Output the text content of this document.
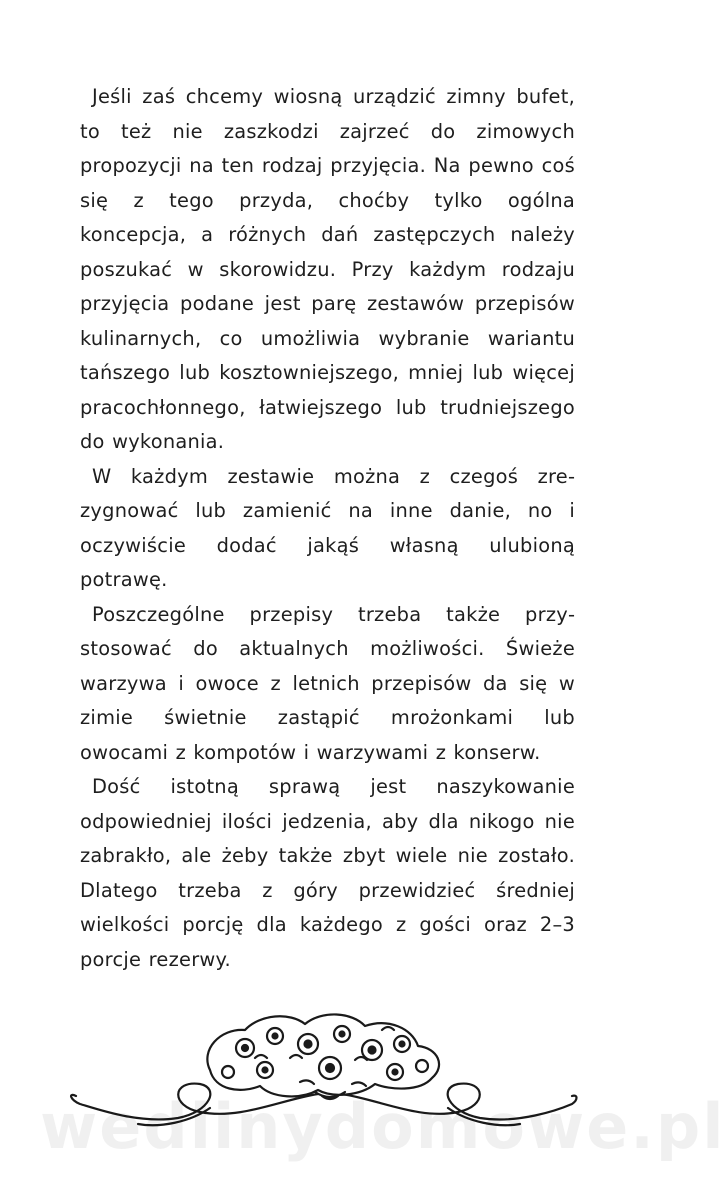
Jeśli zaś chcemy wiosną urządzić zimny bufet, to też nie zaszkodzi zajrzeć do zimowych propozycji na ten rodzaj przyjęcia. Na pewno coś się z tego przyda, choćby tylko ogólna koncepcja, a różnych dań zastępczych należy poszukać w skorowidzu. Przy każdym rodzaju przyjęcia podane jest parę zestawów przepisów kulinarnych, co umożliwia wybranie wariantu tańszego lub kosztowniejszego, mniej lub więcej pracochłonnego, łatwiejszego lub trudniejszego do wykonania.

W każdym zestawie można z czegoś zrezygnować lub zamienić na inne danie, no i oczywiście dodać jakąś własną ulubioną potrawę.

Poszczególne przepisy trzeba także przystosować do aktualnych możliwości. Świeże warzywa i owoce z letnich przepisów da się w zimie świetnie zastąpić mrożonkami lub owocami z kompotów i warzywami z konserw.

Dość istotną sprawą jest naszykowanie odpowiedniej ilości jedzenia, aby dla nikogo nie zabrakło, ale żeby także zbyt wiele nie zostało. Dlatego trzeba z góry przewidzieć średniej wielkości porcję dla każdego z gości oraz 2–3 porcje rezerwy.

wedlinydomowe.pl
